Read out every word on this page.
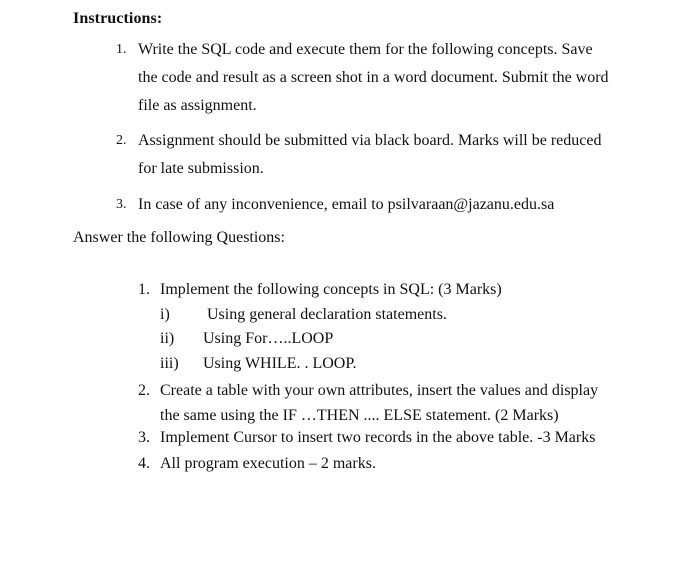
Instructions:
1. Write the SQL code and execute them for the following concepts. Save
the code and result as a screen shot in a word document. Submit the word
file as assignment.
2. Assignment should be submitted via black board. Marks will be reduced
for late submission.
3. In case of any inconvenience, email to psilvaraan@jazanu.edu.sa
Answer the following Questions:
1. Implement the following concepts in SQL: (3 Marks)
i) Using general declaration statements.
ii) Using For…..LOOP
iii) Using WHILE. . LOOP.
2. Create a table with your own attributes, insert the values and display
the same using the IF …THEN .... ELSE statement. (2 Marks)
3. Implement Cursor to insert two records in the above table. -3 Marks
4. All program execution – 2 marks.
